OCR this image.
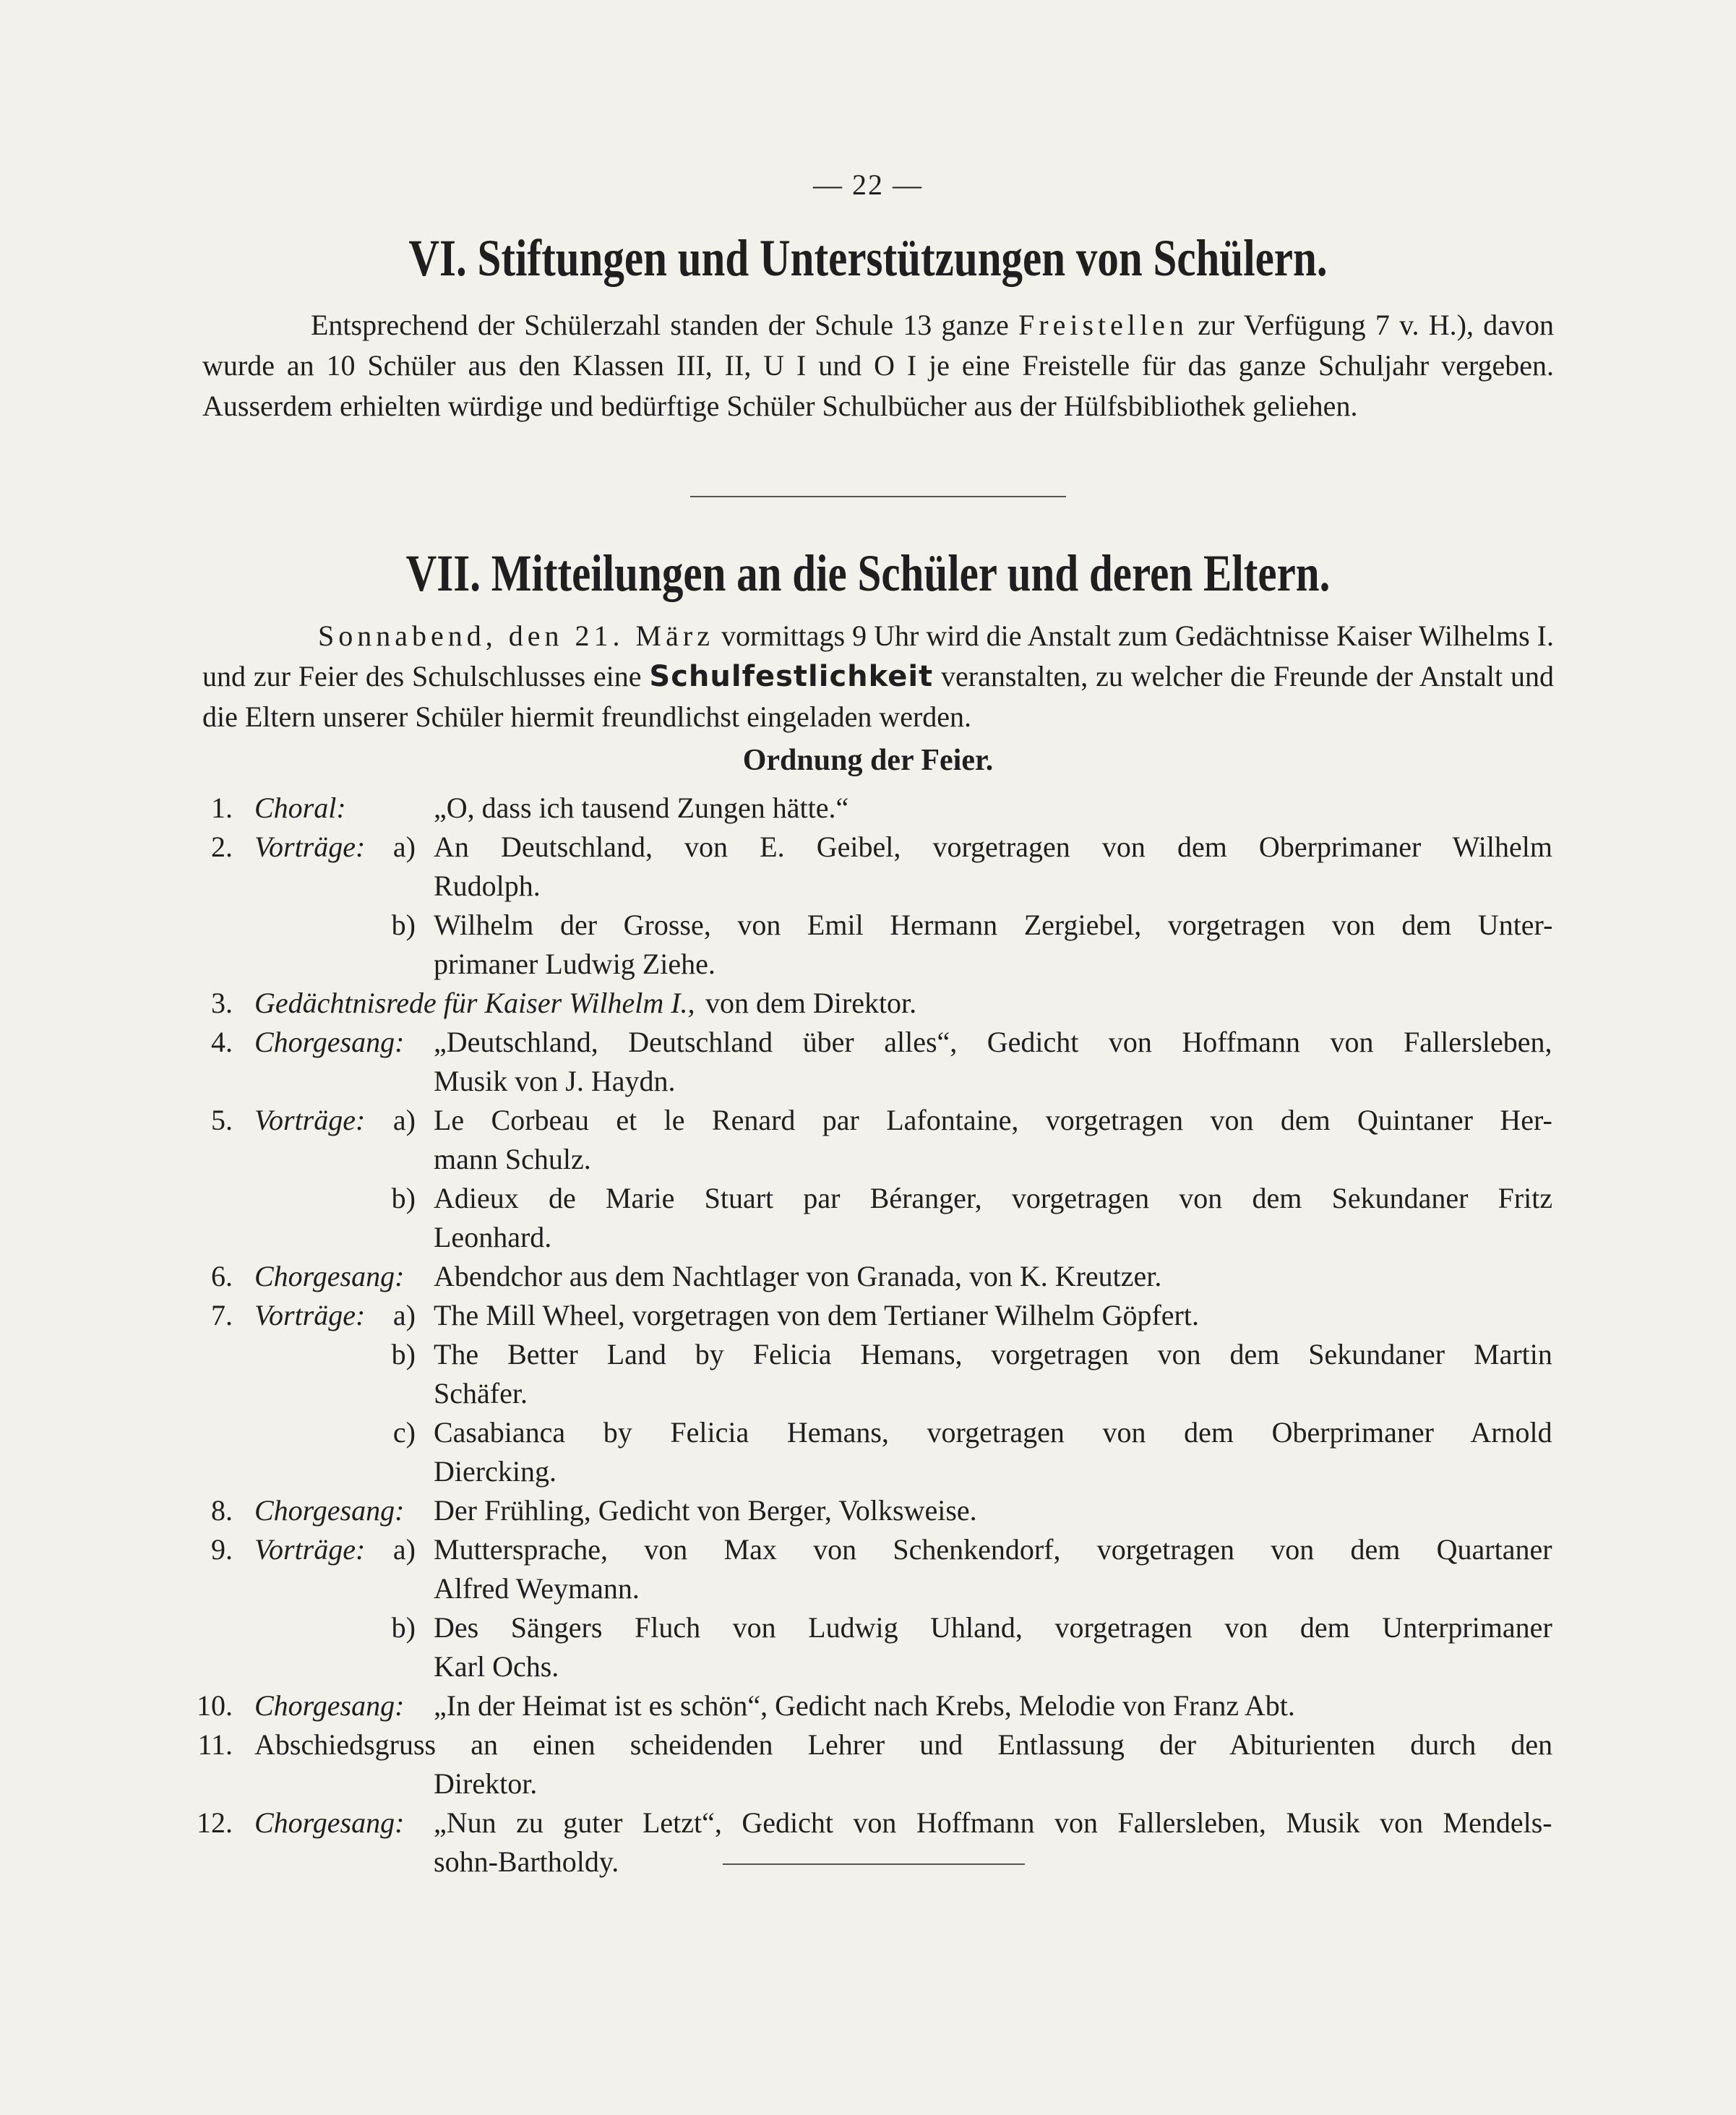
— 22 —
VI. Stiftungen und Unterstützungen von Schülern.
Entsprechend der Schülerzahl standen der Schule 13 ganze Freistellen zur Verfügung 7 v. H.), davon wurde an 10 Schüler aus den Klassen III, II, U I und O I je eine Freistelle für das ganze Schuljahr vergeben. Ausserdem erhielten würdige und bedürftige Schüler Schulbücher aus der Hülfsbibliothek geliehen.
VII. Mitteilungen an die Schüler und deren Eltern.
Sonnabend, den 21. März vormittags 9 Uhr wird die Anstalt zum Gedächtnisse Kaiser Wilhelms I. und zur Feier des Schulschlusses eine Schulfestlichkeit veranstalten, zu welcher die Freunde der Anstalt und die Eltern unserer Schüler hiermit freundlichst eingeladen werden.
Ordnung der Feier.
1. Choral:	„O, dass ich tausend Zungen hätte.“
2. Vorträge: a) An Deutschland, von E. Geibel, vorgetragen von dem Oberprimaner Wilhelm
Rudolph.
b) Wilhelm der Grosse, von Emil Hermann Zergiebel, vorgetragen von dem Unter-
primaner Ludwig Ziehe.
3. Gedächtnisrede für Kaiser Wilhelm I., von dem Direktor.
4. Chorgesang: „Deutschland, Deutschland über alles“, Gedicht von Hoffmann von Fallersleben,
Musik von J. Haydn.
5. Vorträge: a) Le Corbeau et le Renard par Lafontaine, vorgetragen von dem Quintaner Her-
mann Schulz.
b) Adieux de Marie Stuart par Béranger, vorgetragen von dem Sekundaner Fritz
Leonhard.
6. Chorgesang: Abendchor aus dem Nachtlager von Granada, von K. Kreutzer.
7. Vorträge: a) The Mill Wheel, vorgetragen von dem Tertianer Wilhelm Göpfert.
b) The Better Land by Felicia Hemans, vorgetragen von dem Sekundaner Martin
Schäfer.
c) Casabianca by Felicia Hemans, vorgetragen von dem Oberprimaner Arnold
Diercking.
8. Chorgesang: Der Frühling, Gedicht von Berger, Volksweise.
9. Vorträge: a) Muttersprache, von Max von Schenkendorf, vorgetragen von dem Quartaner
Alfred Weymann.
b) Des Sängers Fluch von Ludwig Uhland, vorgetragen von dem Unterprimaner
Karl Ochs.
10. Chorgesang: „In der Heimat ist es schön“, Gedicht nach Krebs, Melodie von Franz Abt.
11. Abschiedsgruss an einen scheidenden Lehrer und Entlassung der Abiturienten durch den
Direktor.
12. Chorgesang: „Nun zu guter Letzt“, Gedicht von Hoffmann von Fallersleben, Musik von Mendels-
sohn-Bartholdy.
